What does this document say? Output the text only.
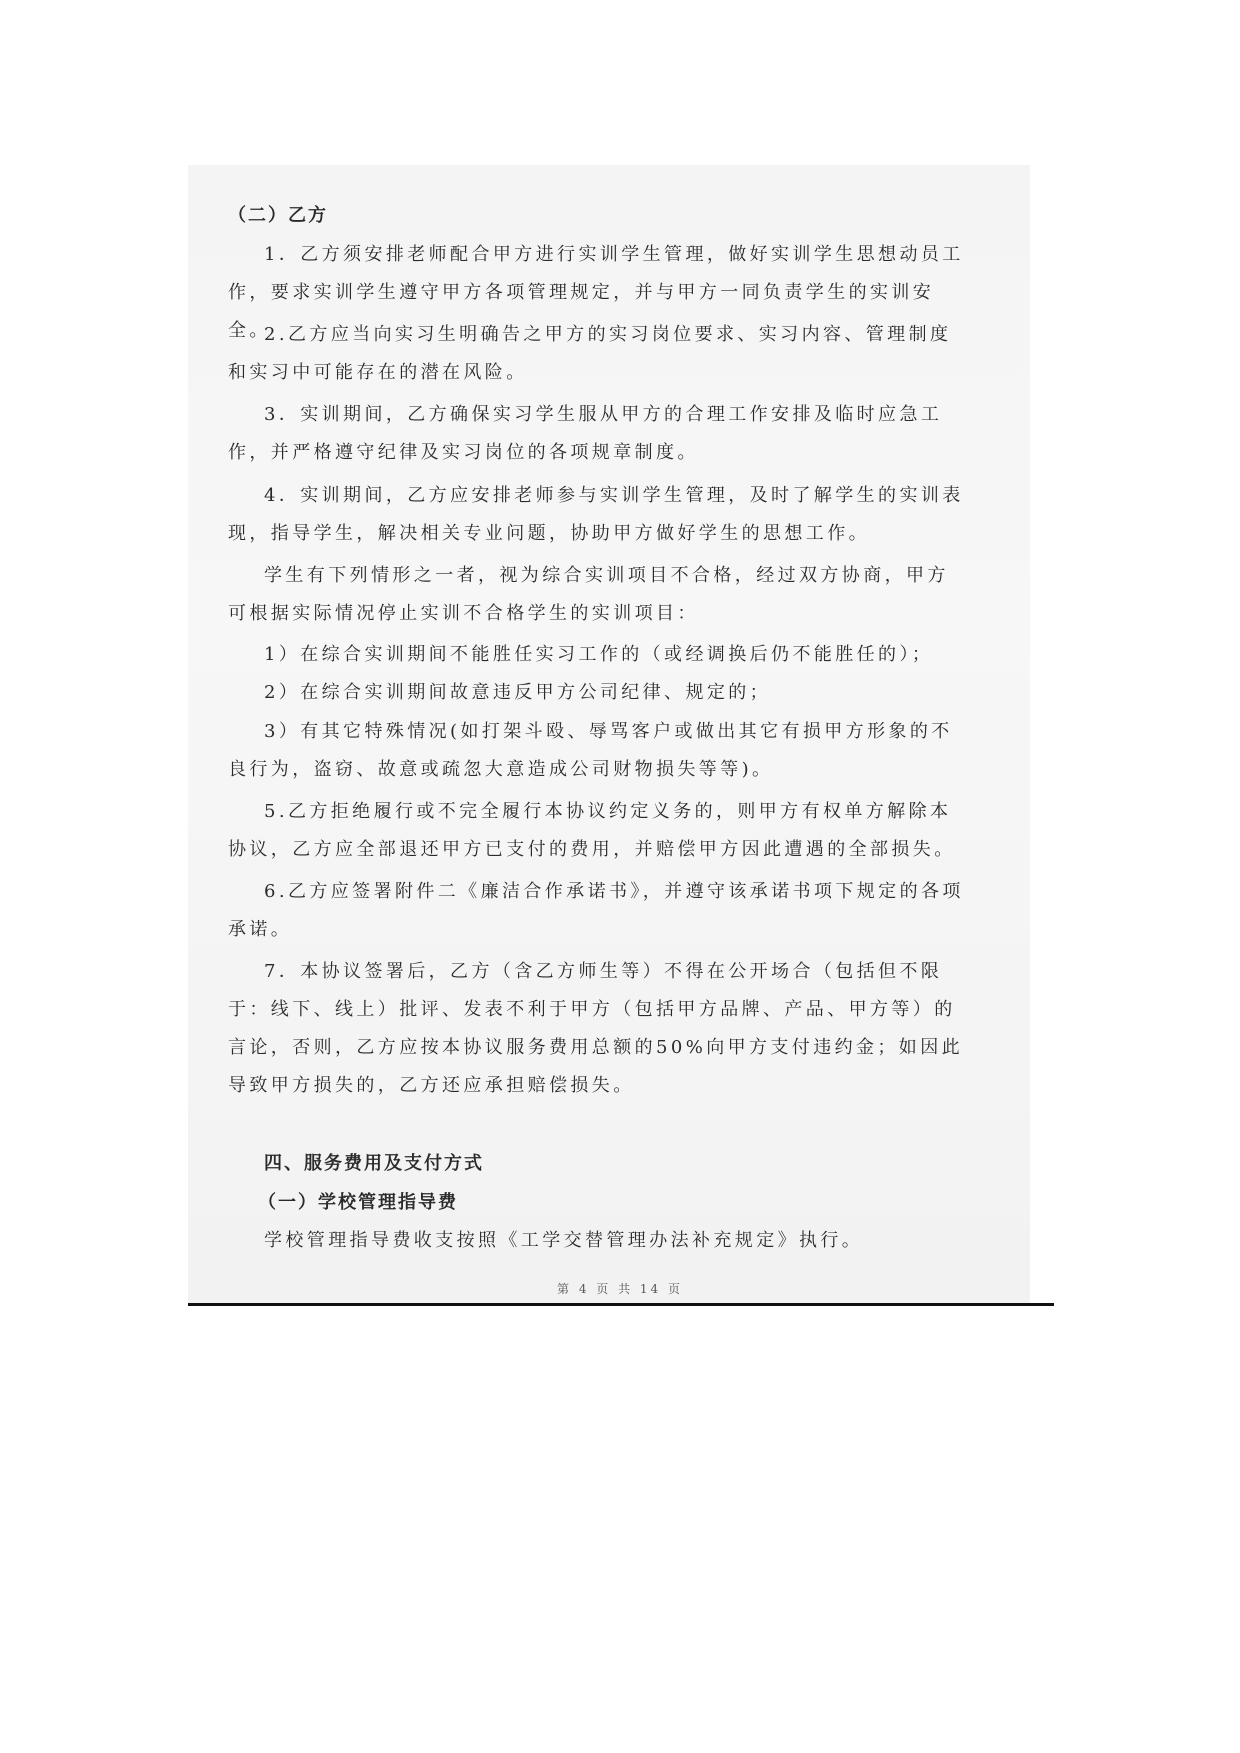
（二）乙方

1．乙方须安排老师配合甲方进行实训学生管理，做好实训学生思想动员工作，要求实训学生遵守甲方各项管理规定，并与甲方一同负责学生的实训安全。

2.乙方应当向实习生明确告之甲方的实习岗位要求、实习内容、管理制度和实习中可能存在的潜在风险。

3．实训期间，乙方确保实习学生服从甲方的合理工作安排及临时应急工作，并严格遵守纪律及实习岗位的各项规章制度。

4．实训期间，乙方应安排老师参与实训学生管理，及时了解学生的实训表现，指导学生，解决相关专业问题，协助甲方做好学生的思想工作。

学生有下列情形之一者，视为综合实训项目不合格，经过双方协商，甲方可根据实际情况停止实训不合格学生的实训项目：

1）在综合实训期间不能胜任实习工作的（或经调换后仍不能胜任的）；

2）在综合实训期间故意违反甲方公司纪律、规定的；

3）有其它特殊情况(如打架斗殴、辱骂客户或做出其它有损甲方形象的不良行为，盗窃、故意或疏忽大意造成公司财物损失等等)。

5.乙方拒绝履行或不完全履行本协议约定义务的，则甲方有权单方解除本协议，乙方应全部退还甲方已支付的费用，并赔偿甲方因此遭遇的全部损失。

6.乙方应签署附件二《廉洁合作承诺书》，并遵守该承诺书项下规定的各项承诺。

7．本协议签署后，乙方（含乙方师生等）不得在公开场合（包括但不限于：线下、线上）批评、发表不利于甲方（包括甲方品牌、产品、甲方等）的言论，否则，乙方应按本协议服务费用总额的50%向甲方支付违约金；如因此导致甲方损失的，乙方还应承担赔偿损失。

四、服务费用及支付方式

（一）学校管理指导费

学校管理指导费收支按照《工学交替管理办法补充规定》执行。

第 4 页 共 14 页
